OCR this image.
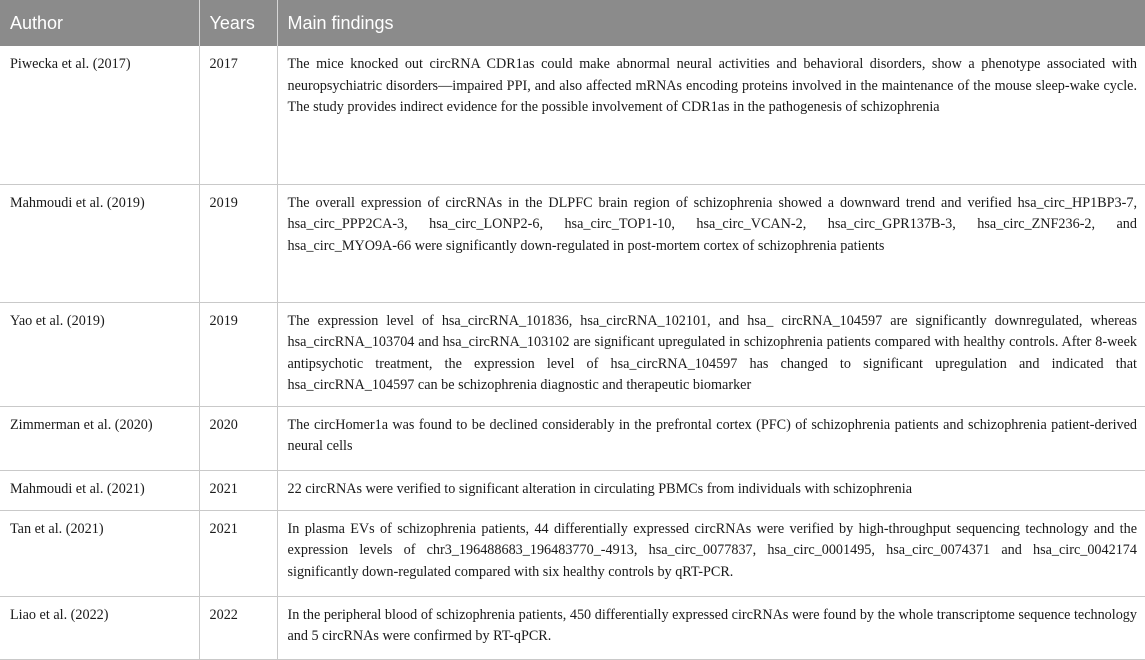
Author	Years	Main findings
Piwecka et al. (2017)	2017	The mice knocked out circRNA CDR1as could make abnormal neural activities and behavioral disorders, show a phenotype associated with neuropsychiatric disorders—impaired PPI, and also affected mRNAs encoding proteins involved in the maintenance of the mouse sleep-wake cycle. The study provides indirect evidence for the possible involvement of CDR1as in the pathogenesis of schizophrenia
Mahmoudi et al. (2019)	2019	The overall expression of circRNAs in the DLPFC brain region of schizophrenia showed a downward trend and verified hsa_circ_HP1BP3-7, hsa_circ_PPP2CA-3, hsa_circ_LONP2-6, hsa_circ_TOP1-10, hsa_circ_VCAN-2, hsa_circ_GPR137B-3, hsa_circ_ZNF236-2, and hsa_circ_MYO9A-66 were significantly down-regulated in post-mortem cortex of schizophrenia patients
Yao et al. (2019)	2019	The expression level of hsa_circRNA_101836, hsa_circRNA_102101, and hsa_ circRNA_104597 are significantly downregulated, whereas hsa_circRNA_103704 and hsa_circRNA_103102 are significant upregulated in schizophrenia patients compared with healthy controls. After 8-week antipsychotic treatment, the expression level of hsa_circRNA_104597 has changed to significant upregulation and indicated that hsa_circRNA_104597 can be schizophrenia diagnostic and therapeutic biomarker
Zimmerman et al. (2020)	2020	The circHomer1a was found to be declined considerably in the prefrontal cortex (PFC) of schizophrenia patients and schizophrenia patient-derived neural cells
Mahmoudi et al. (2021)	2021	22 circRNAs were verified to significant alteration in circulating PBMCs from individuals with schizophrenia
Tan et al. (2021)	2021	In plasma EVs of schizophrenia patients, 44 differentially expressed circRNAs were verified by high-throughput sequencing technology and the expression levels of chr3_196488683_196483770_-4913, hsa_circ_0077837, hsa_circ_0001495, hsa_circ_0074371 and hsa_circ_0042174 significantly down-regulated compared with six healthy controls by qRT-PCR.
Liao et al. (2022)	2022	In the peripheral blood of schizophrenia patients, 450 differentially expressed circRNAs were found by the whole transcriptome sequence technology and 5 circRNAs were confirmed by RT-qPCR.
